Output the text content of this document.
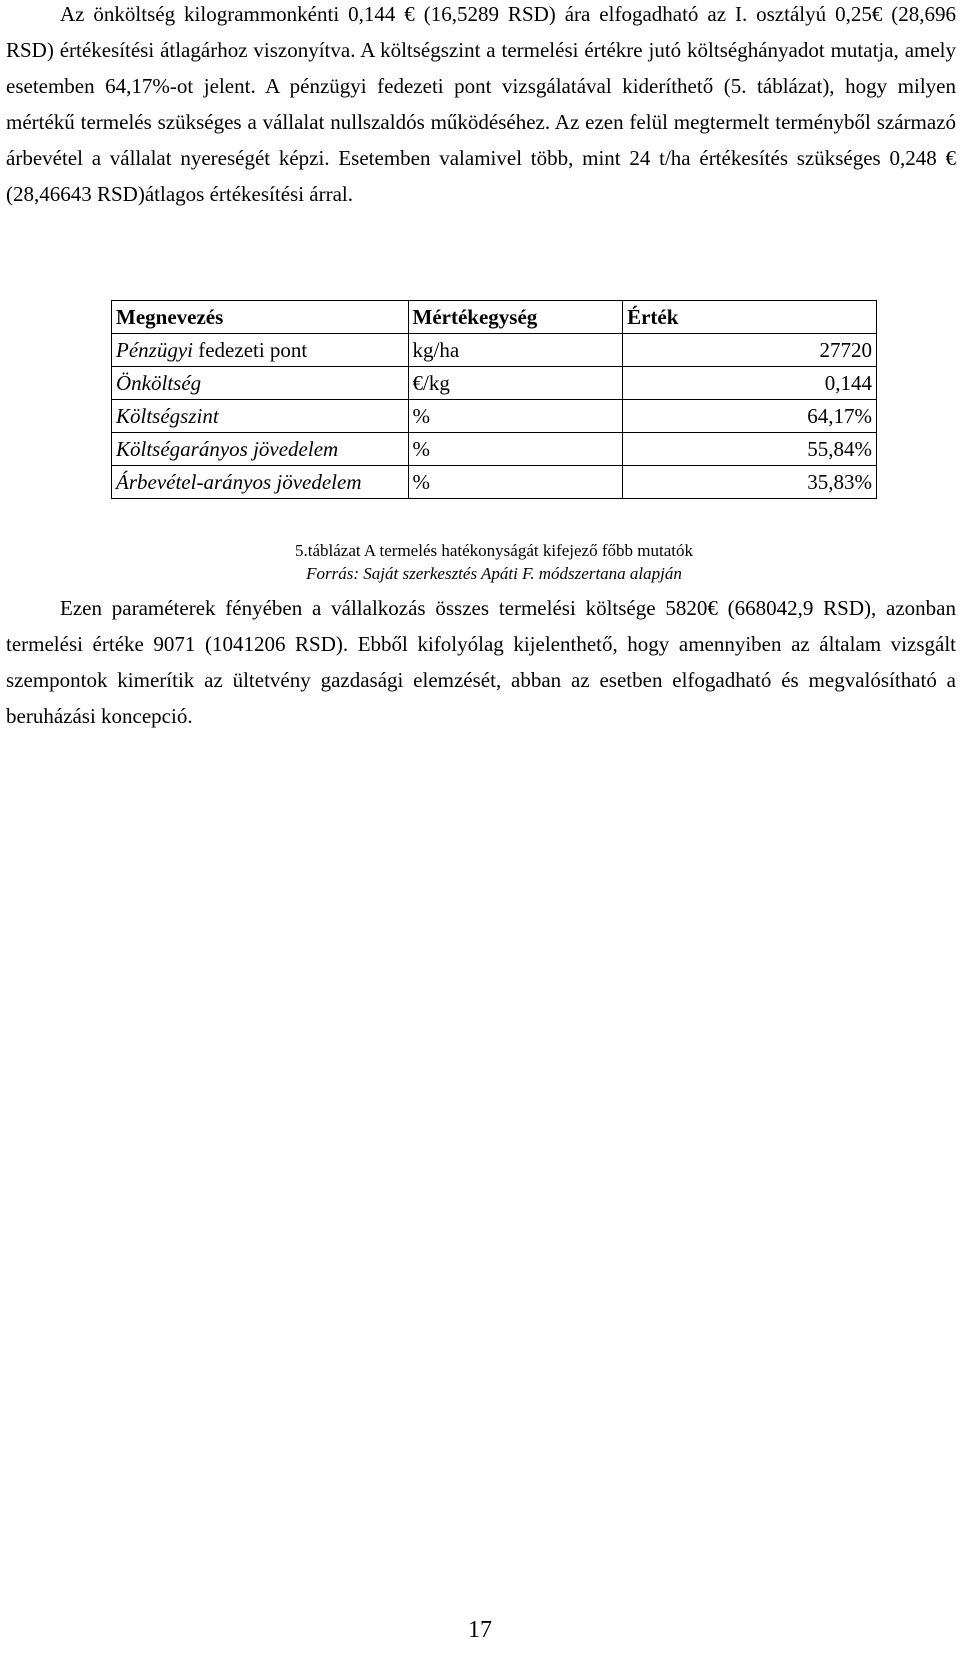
Az önköltség kilogrammonkénti 0,144 € (16,5289 RSD) ára elfogadható az I. osztályú 0,25€ (28,696 RSD) értékesítési átlagárhoz viszonyítva. A költségszint a termelési értékre jutó költséghányadot mutatja, amely esetemben 64,17%-ot jelent. A pénzügyi fedezeti pont vizsgálatával kideríthető (5. táblázat), hogy milyen mértékű termelés szükséges a vállalat nullszaldós működéséhez. Az ezen felül megtermelt terményből származó árbevétel a vállalat nyereségét képzi. Esetemben valamivel több, mint 24 t/ha értékesítés szükséges 0,248 € (28,46643 RSD)átlagos értékesítési árral.

Megnevezés	Mértékegység	Érték
Pénzügyi fedezeti pont	kg/ha	27720
Önköltség	€/kg	0,144
Költségszint	%	64,17%
Költségarányos jövedelem	%	55,84%
Árbevétel-arányos jövedelem	%	35,83%
5.táblázat A termelés hatékonyságát kifejező főbb mutatók
Forrás: Saját szerkesztés Apáti F. módszertana alapján

Ezen paraméterek fényében a vállalkozás összes termelési költsége 5820€ (668042,9 RSD), azonban termelési értéke 9071 (1041206 RSD). Ebből kifolyólag kijelenthető, hogy amennyiben az általam vizsgált szempontok kimerítik az ültetvény gazdasági elemzését, abban az esetben elfogadható és megvalósítható a beruházási koncepció.

17
